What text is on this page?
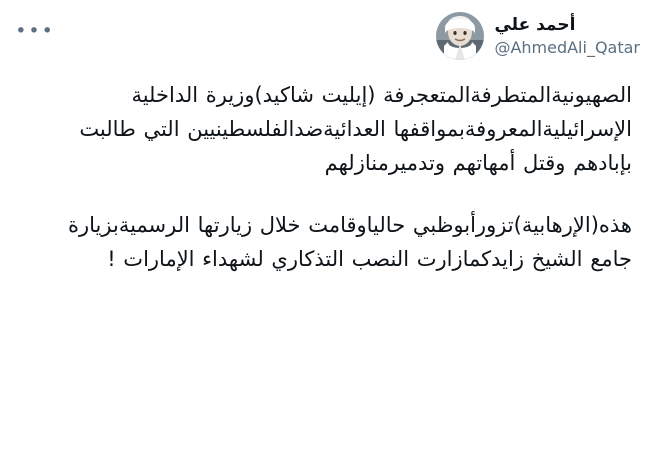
•••	أحمد علي
@AhmedAli_Qatar

الصهيونيةالمتطرفةالمتعجرفة (إيليت شاكيد)وزيرة الداخلية الإسرائيليةالمعروفةبمواقفها العدائيةضدالفلسطينيين التي طالبت بإبادهم وقتل أمهاتهم وتدميرمنازلهم

هذه(الإرهابية)تزورأبوظبي حالياوقامت خلال زيارتها الرسميةبزيارة جامع الشيخ زايدكمازارت النصب التذكاري لشهداء الإمارات !
